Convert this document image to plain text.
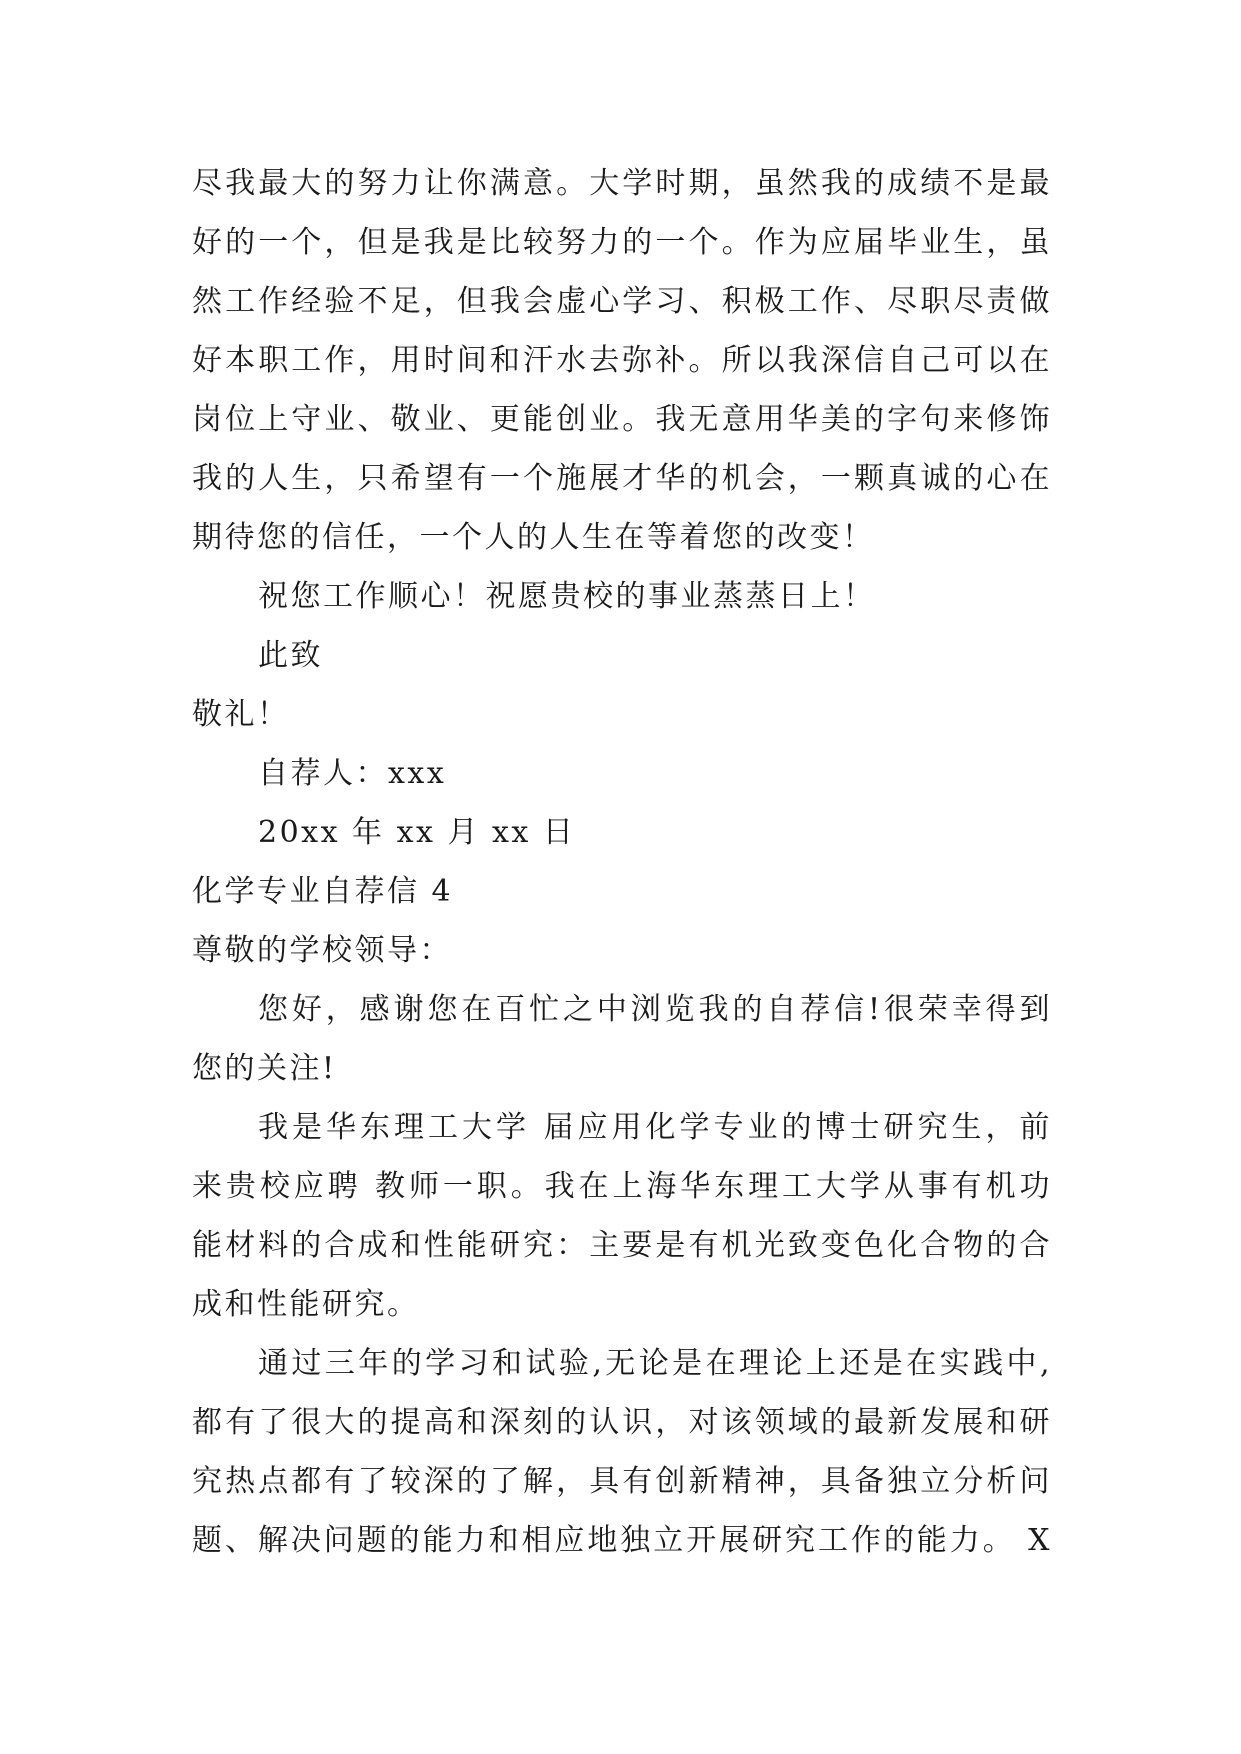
尽我最大的努力让你满意。大学时期，虽然我的成绩不是最
好的一个，但是我是比较努力的一个。作为应届毕业生，虽
然工作经验不足，但我会虚心学习、积极工作、尽职尽责做
好本职工作，用时间和汗水去弥补。所以我深信自己可以在
岗位上守业、敬业、更能创业。我无意用华美的字句来修饰
我的人生，只希望有一个施展才华的机会，一颗真诚的心在
期待您的信任，一个人的人生在等着您的改变！
祝您工作顺心！祝愿贵校的事业蒸蒸日上！
此致
敬礼！
自荐人：xxx
20xx 年 xx 月 xx 日
化学专业自荐信 4
尊敬的学校领导：
您好，感谢您在百忙之中浏览我的自荐信!很荣幸得到
您的关注!
我是华东理工大学 届应用化学专业的博士研究生，前
来贵校应聘 教师一职。我在上海华东理工大学从事有机功
能材料的合成和性能研究：主要是有机光致变色化合物的合
成和性能研究。
通过三年的学习和试验,无论是在理论上还是在实践中,
都有了很大的提高和深刻的认识，对该领域的最新发展和研
究热点都有了较深的了解，具有创新精神，具备独立分析问
题、解决问题的能力和相应地独立开展研究工作的能力。 X
